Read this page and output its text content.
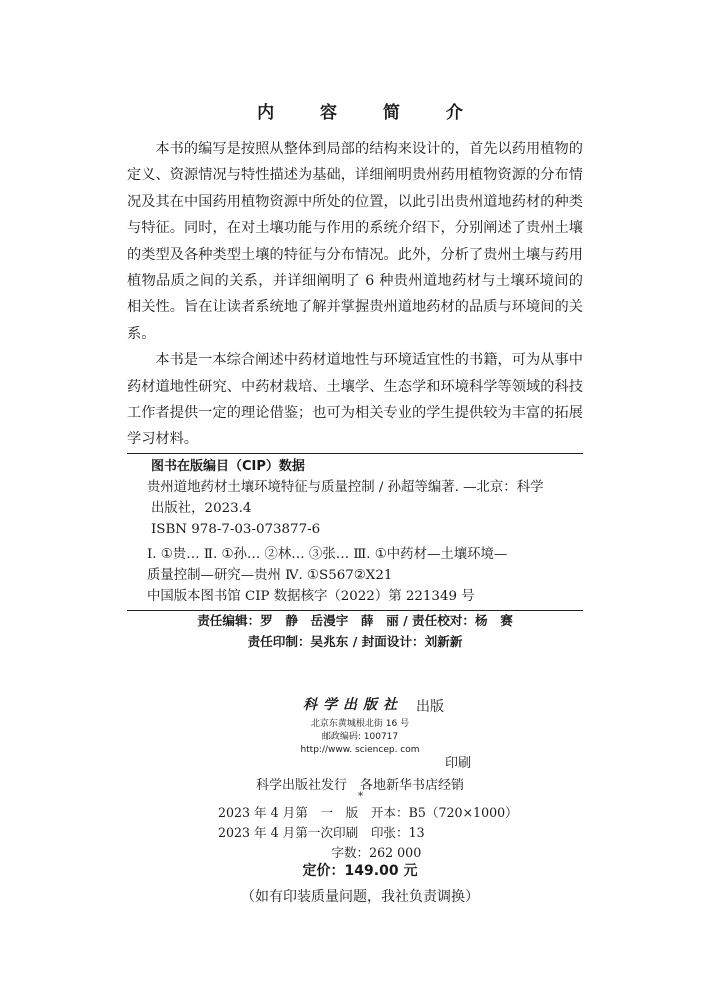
内 容 简 介

本书的编写是按照从整体到局部的结构来设计的，首先以药用植物的定义、资源情况与特性描述为基础，详细阐明贵州药用植物资源的分布情况及其在中国药用植物资源中所处的位置，以此引出贵州道地药材的种类与特征。同时，在对土壤功能与作用的系统介绍下，分别阐述了贵州土壤的类型及各种类型土壤的特征与分布情况。此外，分析了贵州土壤与药用植物品质之间的关系，并详细阐明了 6 种贵州道地药材与土壤环境间的相关性。旨在让读者系统地了解并掌握贵州道地药材的品质与环境间的关系。

本书是一本综合阐述中药材道地性与环境适宜性的书籍，可为从事中药材道地性研究、中药材栽培、土壤学、生态学和环境科学等领域的科技工作者提供一定的理论借鉴；也可为相关专业的学生提供较为丰富的拓展学习材料。

图书在版编目（CIP）数据
贵州道地药材土壤环境特征与质量控制 / 孙超等编著. —北京：科学
出版社，2023.4
ISBN 978-7-03-073877-6
Ⅰ. ①贵… Ⅱ. ①孙… ②林… ③张… Ⅲ. ①中药材—土壤环境—
质量控制—研究—贵州 Ⅳ. ①S567②X21
中国版本图书馆 CIP 数据核字（2022）第 221349 号
责任编辑：罗　静　岳漫宇　薛　丽 / 责任校对：杨　赛
责任印制：吴兆东 / 封面设计：刘新新
科学出版社 出版
北京东黄城根北街 16 号
邮政编码: 100717
http://www. sciencep. com
印刷
科学出版社发行　各地新华书店经销
*
2023 年 4 月第　一　版　开本：B5（720×1000）
2023 年 4 月第一次印刷　印张：13
　　　　　　　　　字数：262 000
定价：149.00 元
（如有印装质量问题，我社负责调换）
